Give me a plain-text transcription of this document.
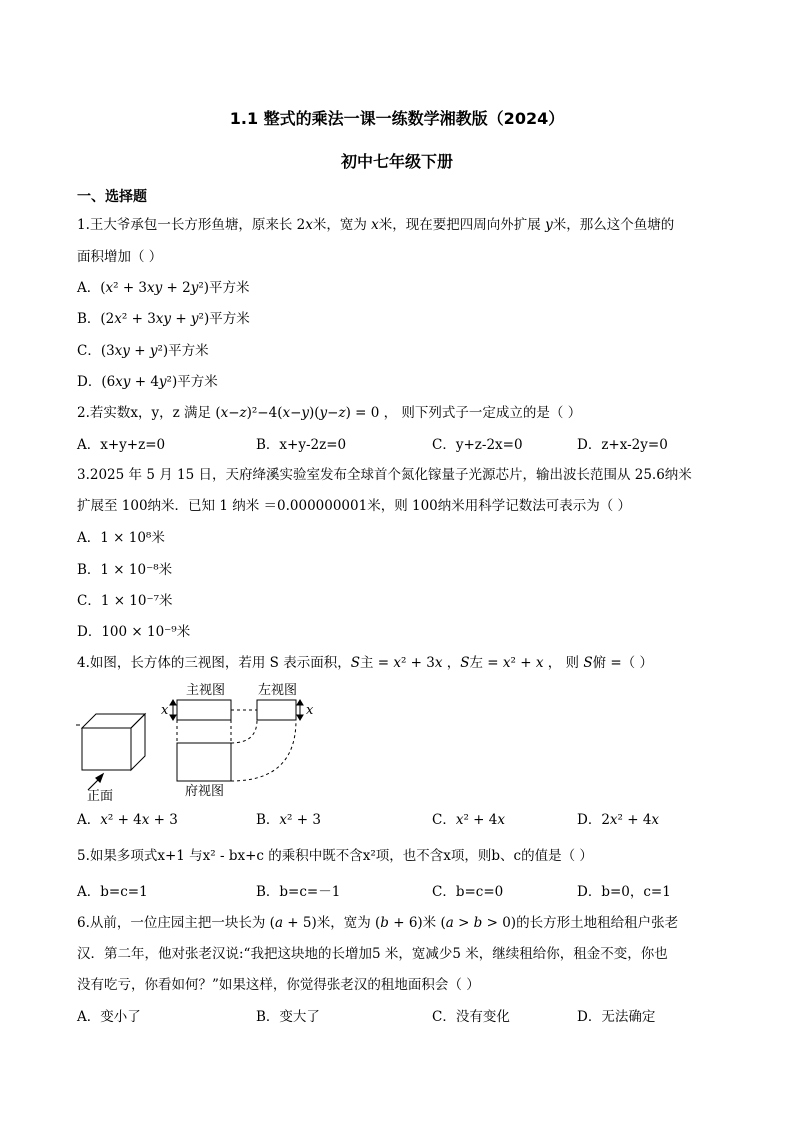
1.1 整式的乘法一课一练数学湘教版（2024）
初中七年级下册
一、选择题
1.王大爷承包一长方形鱼塘，原来长 2𝑥米，宽为 𝑥米，现在要把四周向外扩展 𝑦米，那么这个鱼塘的
面积增加（ ）
A．(𝑥² + 3𝑥𝑦 + 2𝑦²)平方米
B．(2𝑥² + 3𝑥𝑦 + 𝑦²)平方米
C．(3𝑥𝑦 + 𝑦²)平方米
D．(6𝑥𝑦 + 4𝑦²)平方米
2.若实数x，y，z 满足 (𝑥−𝑧)²−4(𝑥−𝑦)(𝑦−𝑧) = 0 ， 则下列式子一定成立的是（ ）
A．x+y+z=0	B．x+y-2z=0	C．y+z-2x=0	D．z+x-2y=0
3.2025 年 5 月 15 日，天府绛溪实验室发布全球首个氮化镓量子光源芯片，输出波长范围从 25.6纳米
扩展至 100纳米．已知 1 纳米 ＝0.000000001米，则 100纳米用科学记数法可表示为（ ）
A．1 × 10⁸米
B．1 × 10⁻⁸米
C．1 × 10⁻⁷米
D．100 × 10⁻⁹米
4.如图，长方体的三视图，若用 S 表示面积，𝑆主 = 𝑥² + 3𝑥 ，𝑆左 = 𝑥² + 𝑥 ， 则 𝑆俯 =（ ）
主视图	左视图
府视图
正面
𝑥	𝑥
A．𝑥² + 4𝑥 + 3	B．𝑥² + 3	C．𝑥² + 4𝑥	D．2𝑥² + 4𝑥
5.如果多项式x+1 与x² - bx+c 的乘积中既不含x²项，也不含x项，则b、c的值是（ ）
A．b=c=1	B．b=c=－1	C．b=c=0	D．b=0，c=1
6.从前，一位庄园主把一块长为 (𝑎 + 5)米，宽为 (𝑏 + 6)米 (𝑎 > 𝑏 > 0)的长方形土地租给租户张老
汉．第二年，他对张老汉说:“我把这块地的长增加5 米，宽减少5 米，继续租给你，租金不变，你也
没有吃亏，你看如何？”如果这样，你觉得张老汉的租地面积会（ ）
A．变小了	B．变大了	C．没有变化	D．无法确定
